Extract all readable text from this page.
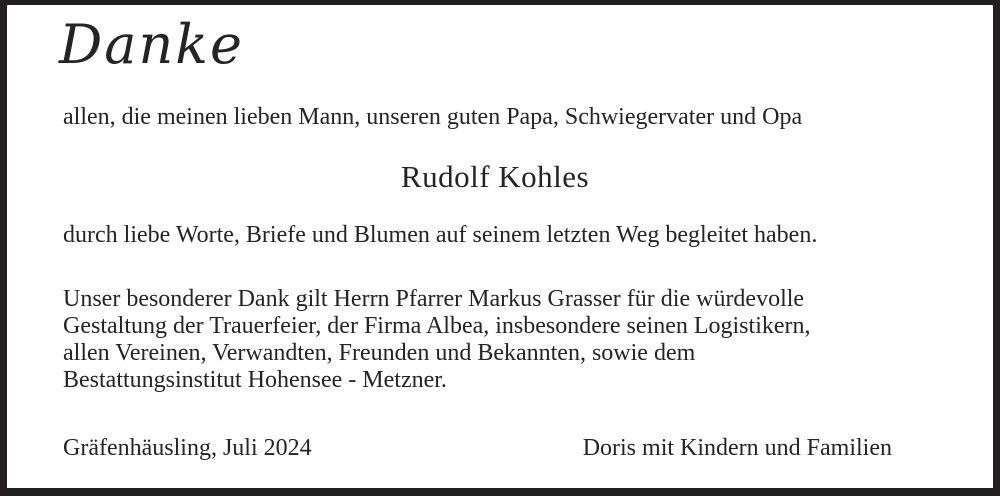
Danke
allen, die meinen lieben Mann, unseren guten Papa, Schwiegervater und Opa
Rudolf Kohles
durch liebe Worte, Briefe und Blumen auf seinem letzten Weg begleitet haben.
Unser besonderer Dank gilt Herrn Pfarrer Markus Grasser für die würdevolle
Gestaltung der Trauerfeier, der Firma Albea, insbesondere seinen Logistikern,
allen Vereinen, Verwandten, Freunden und Bekannten, sowie dem
Bestattungsinstitut Hohensee - Metzner.
Gräfenhäusling, Juli 2024	Doris mit Kindern und Familien
